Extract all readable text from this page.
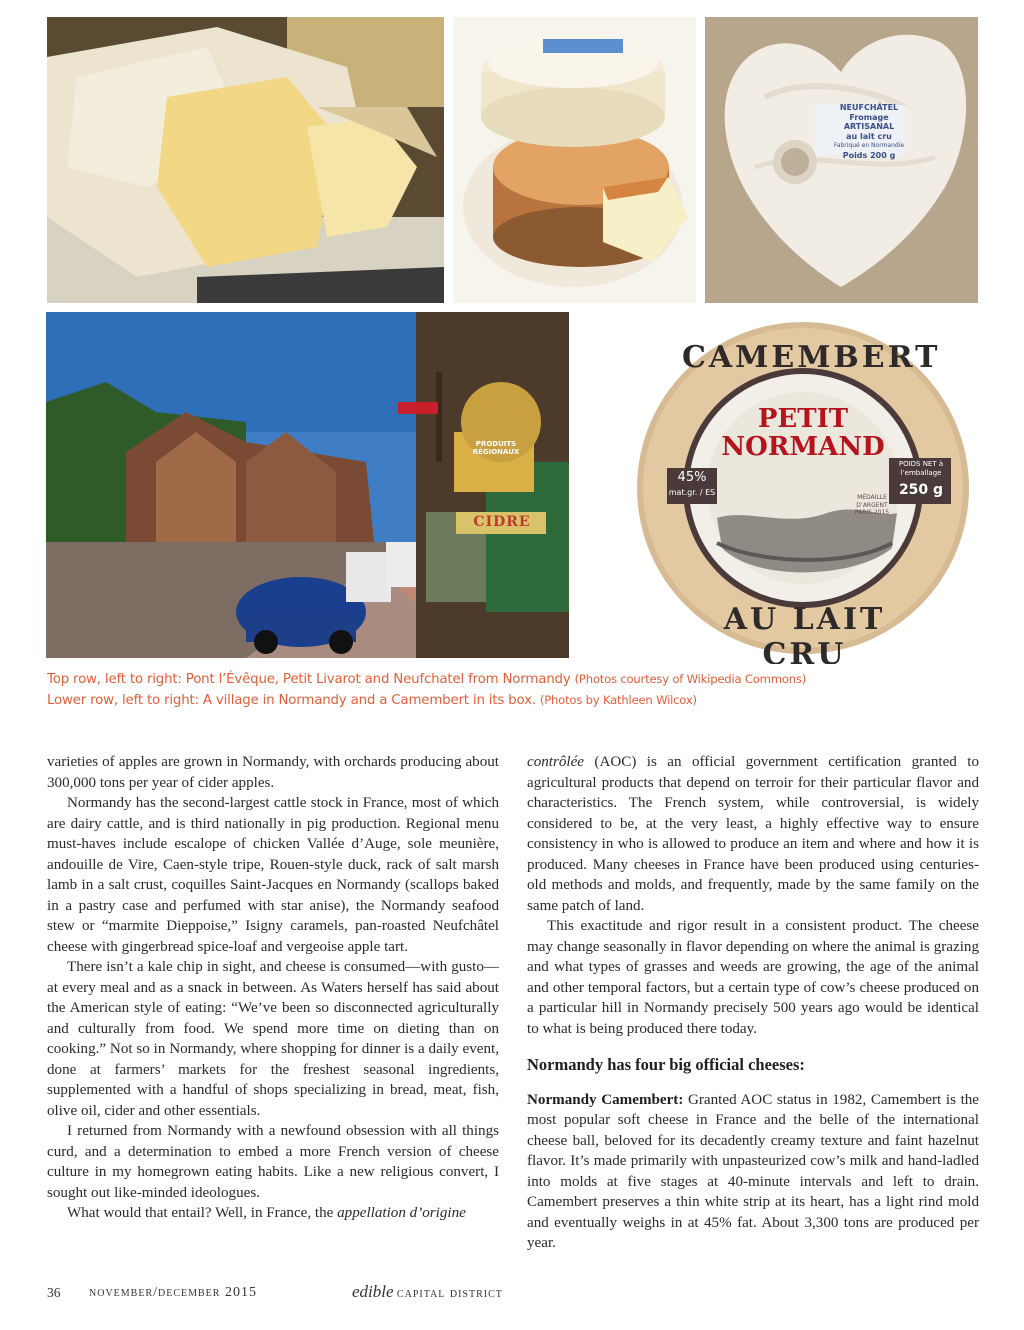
NEUFCHÂTEL
Fromage ARTISANAL
au lait cru
Fabriqué en Normandie
Poids 200 g
PRODUITS RÉGIONAUX
CIDRE
CAMEMBERT
PETIT
NORMAND
45%
mat.gr. / ES
POIDS NET à l’emballage
250 g
MÉDAILLE D’ARGENT PARIS 2015
AU LAIT CRU
Top row, left to right: Pont l’Évêque, Petit Livarot and Neufchatel from Normandy (Photos courtesy of Wikipedia Commons)
Lower row, left to right: A village in Normandy and a Camembert in its box. (Photos by Kathleen Wilcox)

varieties of apples are grown in Normandy, with orchards producing about 300,000 tons per year of cider apples.

Normandy has the second-largest cattle stock in France, most of which are dairy cattle, and is third nationally in pig production. Regional menu must-haves include escalope of chicken Vallée d’Auge, sole meunière, andouille de Vire, Caen-style tripe, Rouen-style duck, rack of salt marsh lamb in a salt crust, coquilles Saint-Jacques en Normandy (scallops baked in a pastry case and perfumed with star anise), the Normandy seafood stew or “marmite Dieppoise,” Isigny caramels, pan-roasted Neufchâtel cheese with gingerbread spice-loaf and vergeoise apple tart.

There isn’t a kale chip in sight, and cheese is consumed—with gusto—at every meal and as a snack in between. As Waters herself has said about the American style of eating: “We’ve been so disconnected agriculturally and culturally from food. We spend more time on dieting than on cooking.” Not so in Normandy, where shopping for dinner is a daily event, done at farmers’ markets for the freshest seasonal ingredients, supplemented with a handful of shops specializing in bread, meat, fish, olive oil, cider and other essentials.

I returned from Normandy with a newfound obsession with all things curd, and a determination to embed a more French version of cheese culture in my homegrown eating habits. Like a new religious convert, I sought out like-minded ideologues.

What would that entail? Well, in France, the appellation d’origine

contrôlée (AOC) is an official government certification granted to agricultural products that depend on terroir for their particular flavor and characteristics. The French system, while controversial, is widely considered to be, at the very least, a highly effective way to ensure consistency in who is allowed to produce an item and where and how it is produced. Many cheeses in France have been produced using centuries-old methods and molds, and frequently, made by the same family on the same patch of land.

This exactitude and rigor result in a consistent product. The cheese may change seasonally in flavor depending on where the animal is grazing and what types of grasses and weeds are growing, the age of the animal and other temporal factors, but a certain type of cow’s cheese produced on a particular hill in Normandy precisely 500 years ago would be identical to what is being produced there today.

Normandy has four big official cheeses:

Normandy Camembert: Granted AOC status in 1982, Camembert is the most popular soft cheese in France and the belle of the international cheese ball, beloved for its decadently creamy texture and faint hazelnut flavor. It’s made primarily with unpasteurized cow’s milk and hand-ladled into molds at five stages at 40-minute intervals and left to drain. Camembert preserves a thin white strip at its heart, has a light rind mold and eventually weighs in at 45% fat. About 3,300 tons are produced per year.

36 november/december 2015	edible capital district
